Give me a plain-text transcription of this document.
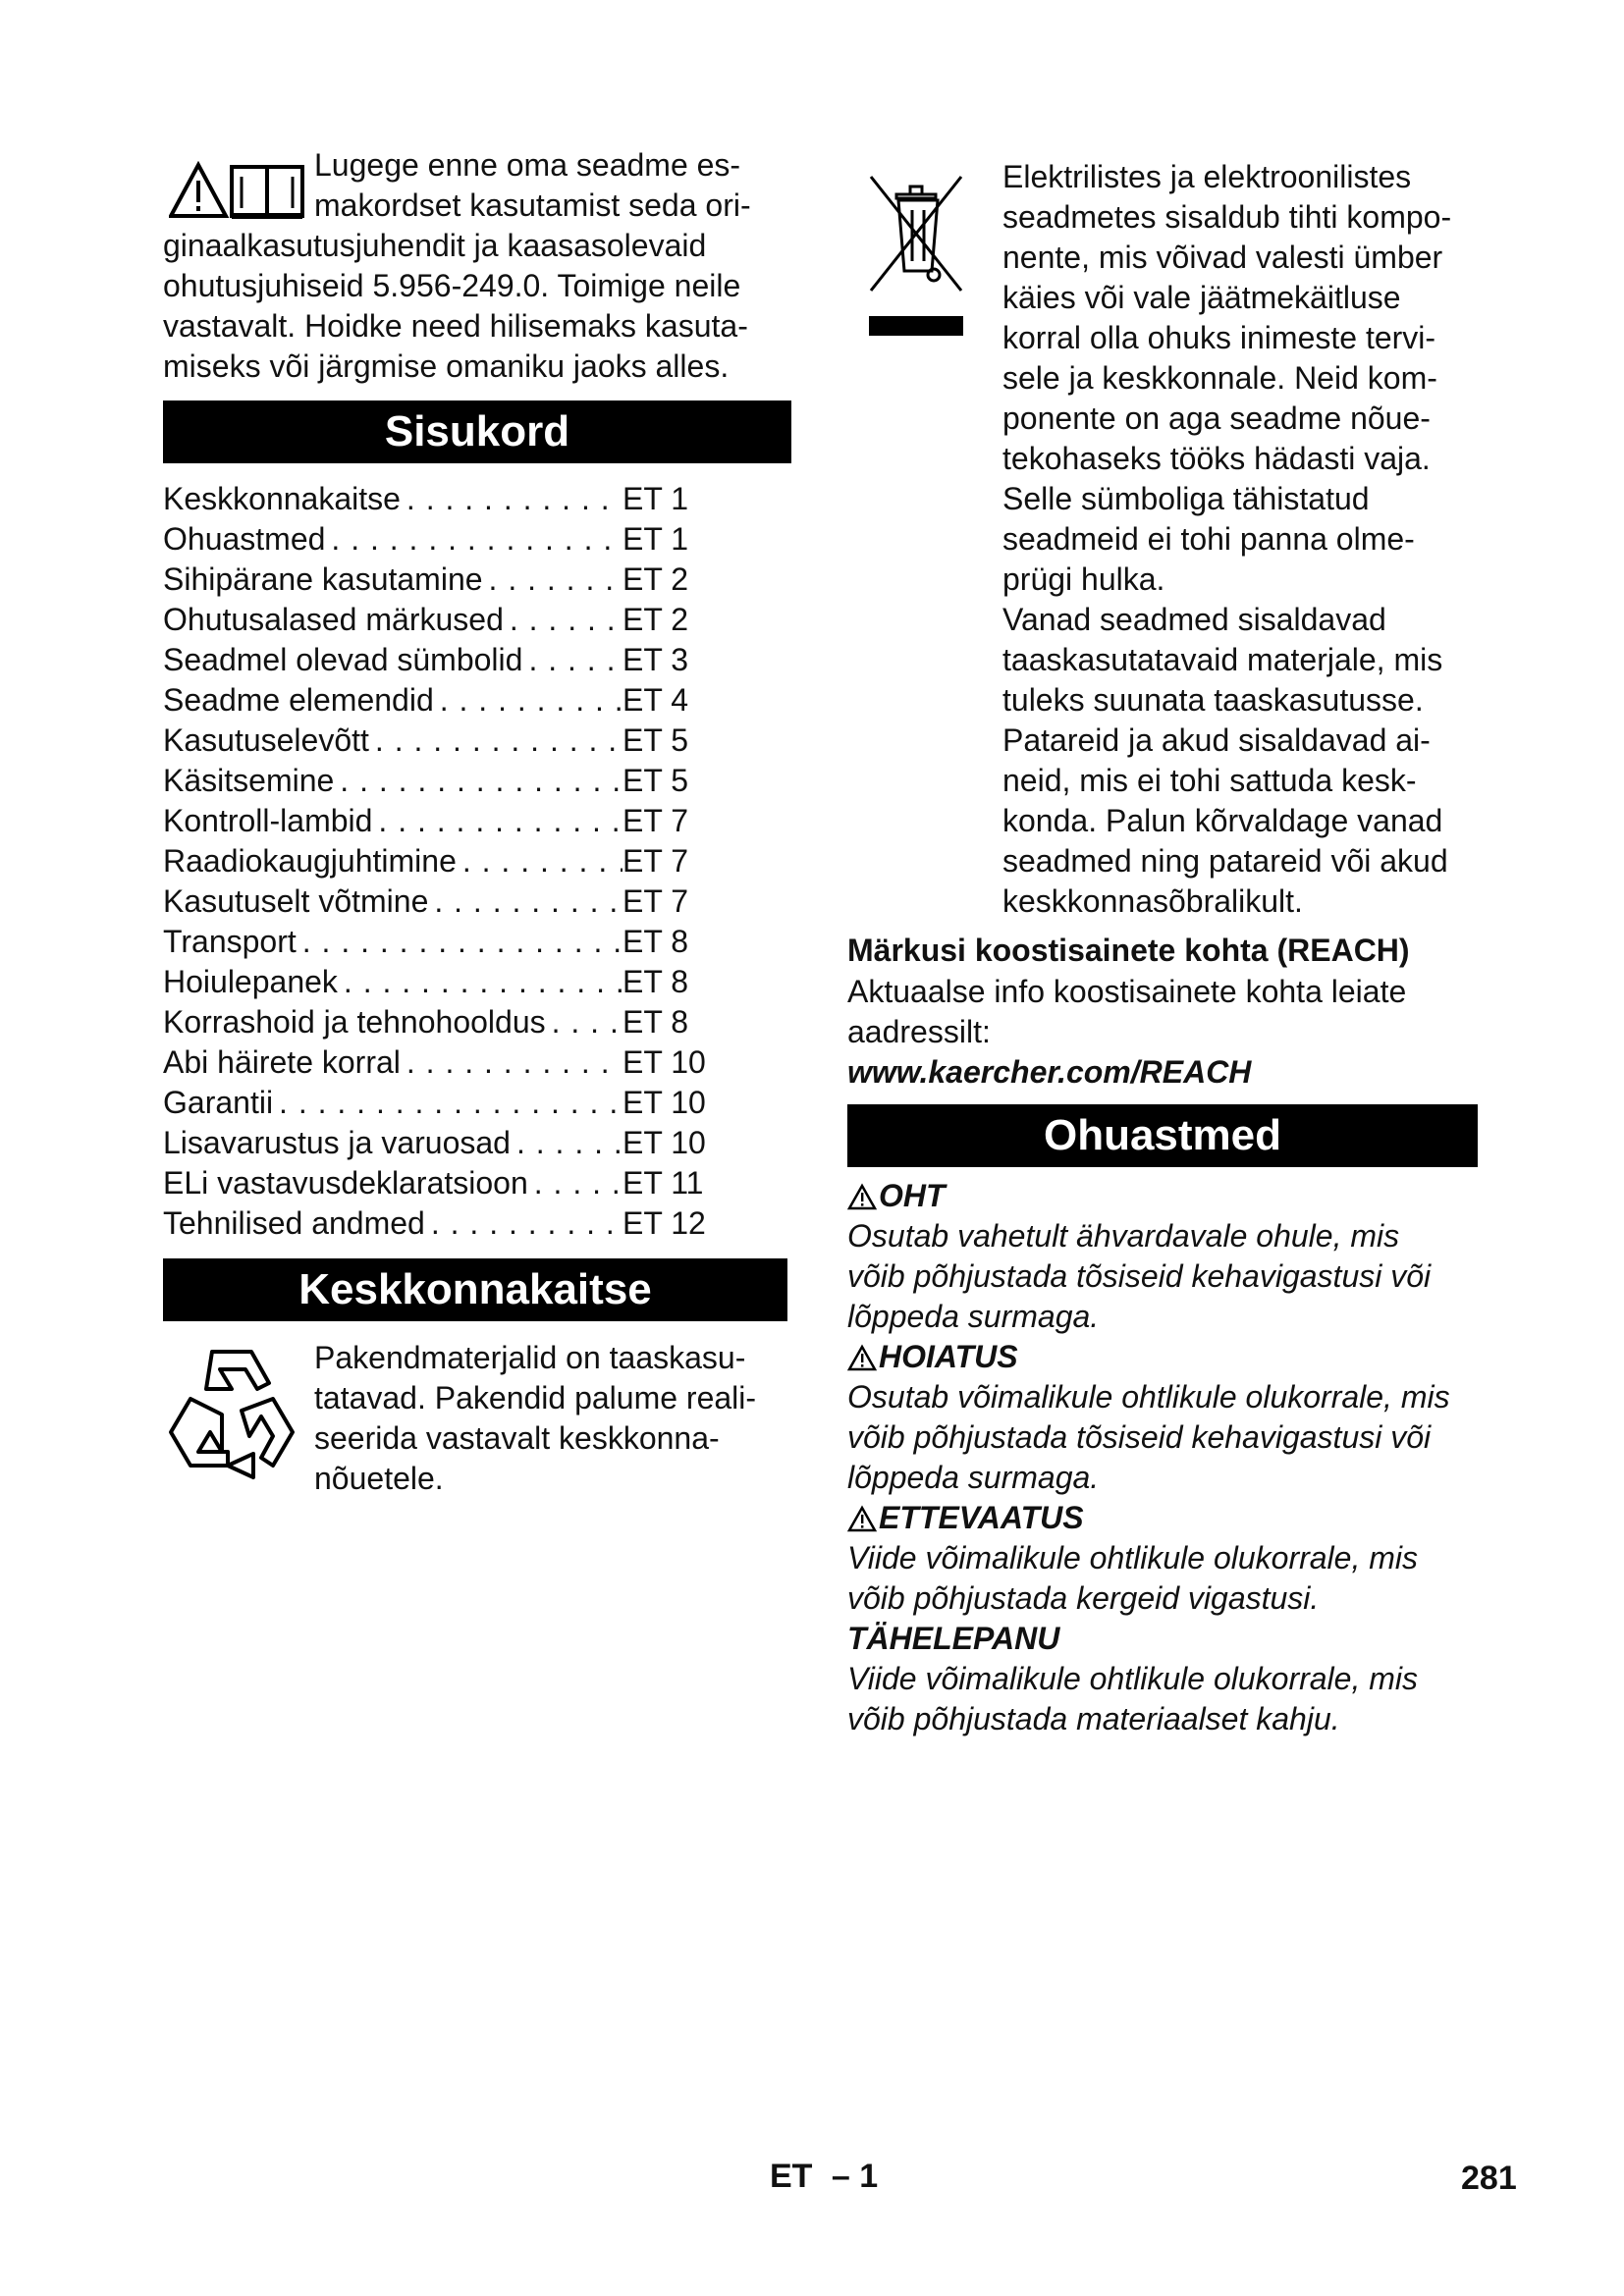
Lugege enne oma seadme es-
makordset kasutamist seda ori-
ginaalkasutusjuhendit ja kaasasolevaid
ohutusjuhiseid 5.956-249.0. Toimige neile
vastavalt. Hoidke need hilisemaks kasuta-
miseks või järgmise omaniku jaoks alles.
Sisukord
Keskkonnakaitse . . .	ET 1
Ohuastmed . . .	ET 1
Sihipärane kasutamine . . .	ET 2
Ohutusalased märkused . . .	ET 2
Seadmel olevad sümbolid . . .	ET 3
Seadme elemendid . . .	ET 4
Kasutuselevõtt . . .	ET 5
Käsitsemine . . .	ET 5
Kontroll-lambid . . .	ET 7
Raadiokaugjuhtimine . . .	ET 7
Kasutuselt võtmine . . .	ET 7
Transport . . .	ET 8
Hoiulepanek . . .	ET 8
Korrashoid ja tehnohooldus . . . ET 8
Abi häirete korral . . .	ET 10
Garantii . . .	ET 10
Lisavarustus ja varuosad . . .	ET 10
ELi vastavusdeklaratsioon . . .	ET 11
Tehnilised andmed . . .	ET 12
Keskkonnakaitse
Pakendmaterjalid on taaskasu-
tatavad. Pakendid palume reali-
seerida vastavalt keskkonna-
nõuetele.
Elektrilistes ja elektroonilistes
seadmetes sisaldub tihti kompo-
nente, mis võivad valesti ümber
käies või vale jäätmekäitluse
korral olla ohuks inimeste tervi-
sele ja keskkonnale. Neid kom-
ponente on aga seadme nõue-
tekohaseks tööks hädasti vaja.
Selle sümboliga tähistatud
seadmeid ei tohi panna olme-
prügi hulka.
Vanad seadmed sisaldavad
taaskasutatavaid materjale, mis
tuleks suunata taaskasutusse.
Patareid ja akud sisaldavad ai-
neid, mis ei tohi sattuda kesk-
konda. Palun kõrvaldage vanad
seadmed ning patareid või akud
keskkonnasõbralikult.
Märkusi koostisainete kohta (REACH)
Aktuaalse info koostisainete kohta leiate
aadressilt:
www.kaercher.com/REACH
Ohuastmed
OHT
Osutab vahetult ähvardavale ohule, mis
võib põhjustada tõsiseid kehavigastusi või
lõppeda surmaga.
HOIATUS
Osutab võimalikule ohtlikule olukorrale, mis
võib põhjustada tõsiseid kehavigastusi või
lõppeda surmaga.
ETTEVAATUS
Viide võimalikule ohtlikule olukorrale, mis
võib põhjustada kergeid vigastusi.
TÄHELEPANU
Viide võimalikule ohtlikule olukorrale, mis
võib põhjustada materiaalset kahju.
ET – 1	281
